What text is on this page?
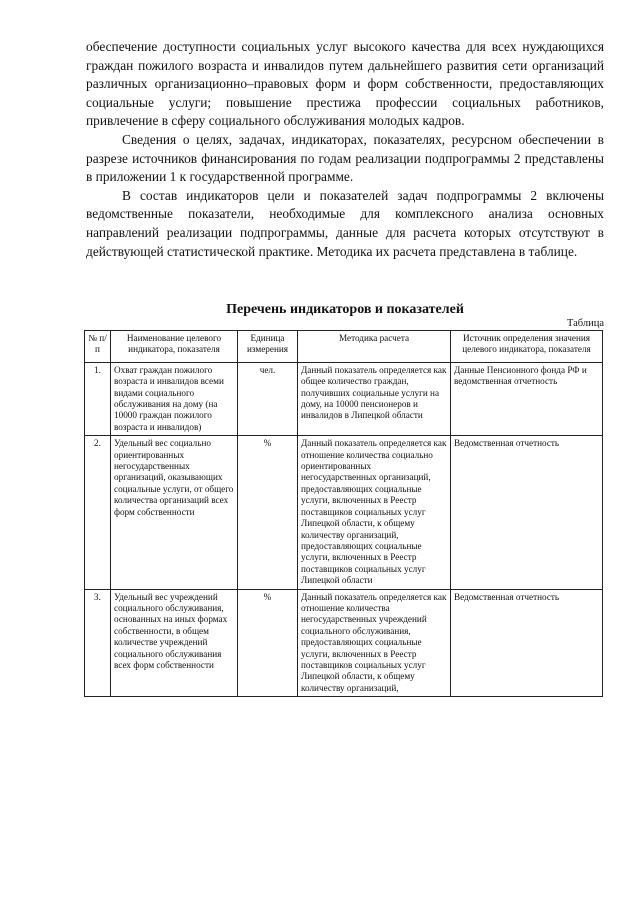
обеспечение доступности социальных услуг высокого качества для всех нуждающихся граждан пожилого возраста и инвалидов путем дальнейшего развития сети организаций различных организационно–правовых форм и форм собственности, предоставляющих социальные услуги; повышение престижа профессии социальных работников, привлечение в сферу социального обслуживания молодых кадров.

Сведения о целях, задачах, индикаторах, показателях, ресурсном обеспечении в разрезе источников финансирования по годам реализации подпрограммы 2 представлены в приложении 1 к государственной программе.

В состав индикаторов цели и показателей задач подпрограммы 2 включены ведомственные показатели, необходимые для комплексного анализа основных направлений реализации подпрограммы, данные для расчета которых отсутствуют в действующей статистической практике. Методика их расчета представлена в таблице.

Перечень индикаторов и показателей
Таблица
№ п/п	Наименование целевого индикатора, показателя	Единица измерения	Методика расчета	Источник определения значения целевого индикатора, показателя
1.	Охват граждан пожилого возраста и инвалидов всеми видами социального обслуживания на дому (на 10000 граждан пожилого возраста и инвалидов)	чел.	Данный показатель определяется как общее количество граждан, получивших социальные услуги на дому, на 10000 пенсионеров и инвалидов в Липецкой области	Данные Пенсионного фонда РФ и ведомственная отчетность
2.	Удельный вес социально ориентированных негосударственных организаций, оказывающих социальные услуги, от общего количества организаций всех форм собственности	%	Данный показатель определяется как отношение количества социально ориентированных негосударственных организаций, предоставляющих социальные услуги, включенных в Реестр поставщиков социальных услуг Липецкой области, к общему количеству организаций, предоставляющих социальные услуги, включенных в Реестр поставщиков социальных услуг Липецкой области	Ведомственная отчетность
3.	Удельный вес учреждений социального обслуживания, основанных на иных формах собственности, в общем количестве учреждений социального обслуживания всех форм собственности	%	Данный показатель определяется как отношение количества негосударственных учреждений социального обслуживания, предоставляющих социальные услуги, включенных в Реестр поставщиков социальных услуг Липецкой области, к общему количеству организаций,	Ведомственная отчетность
